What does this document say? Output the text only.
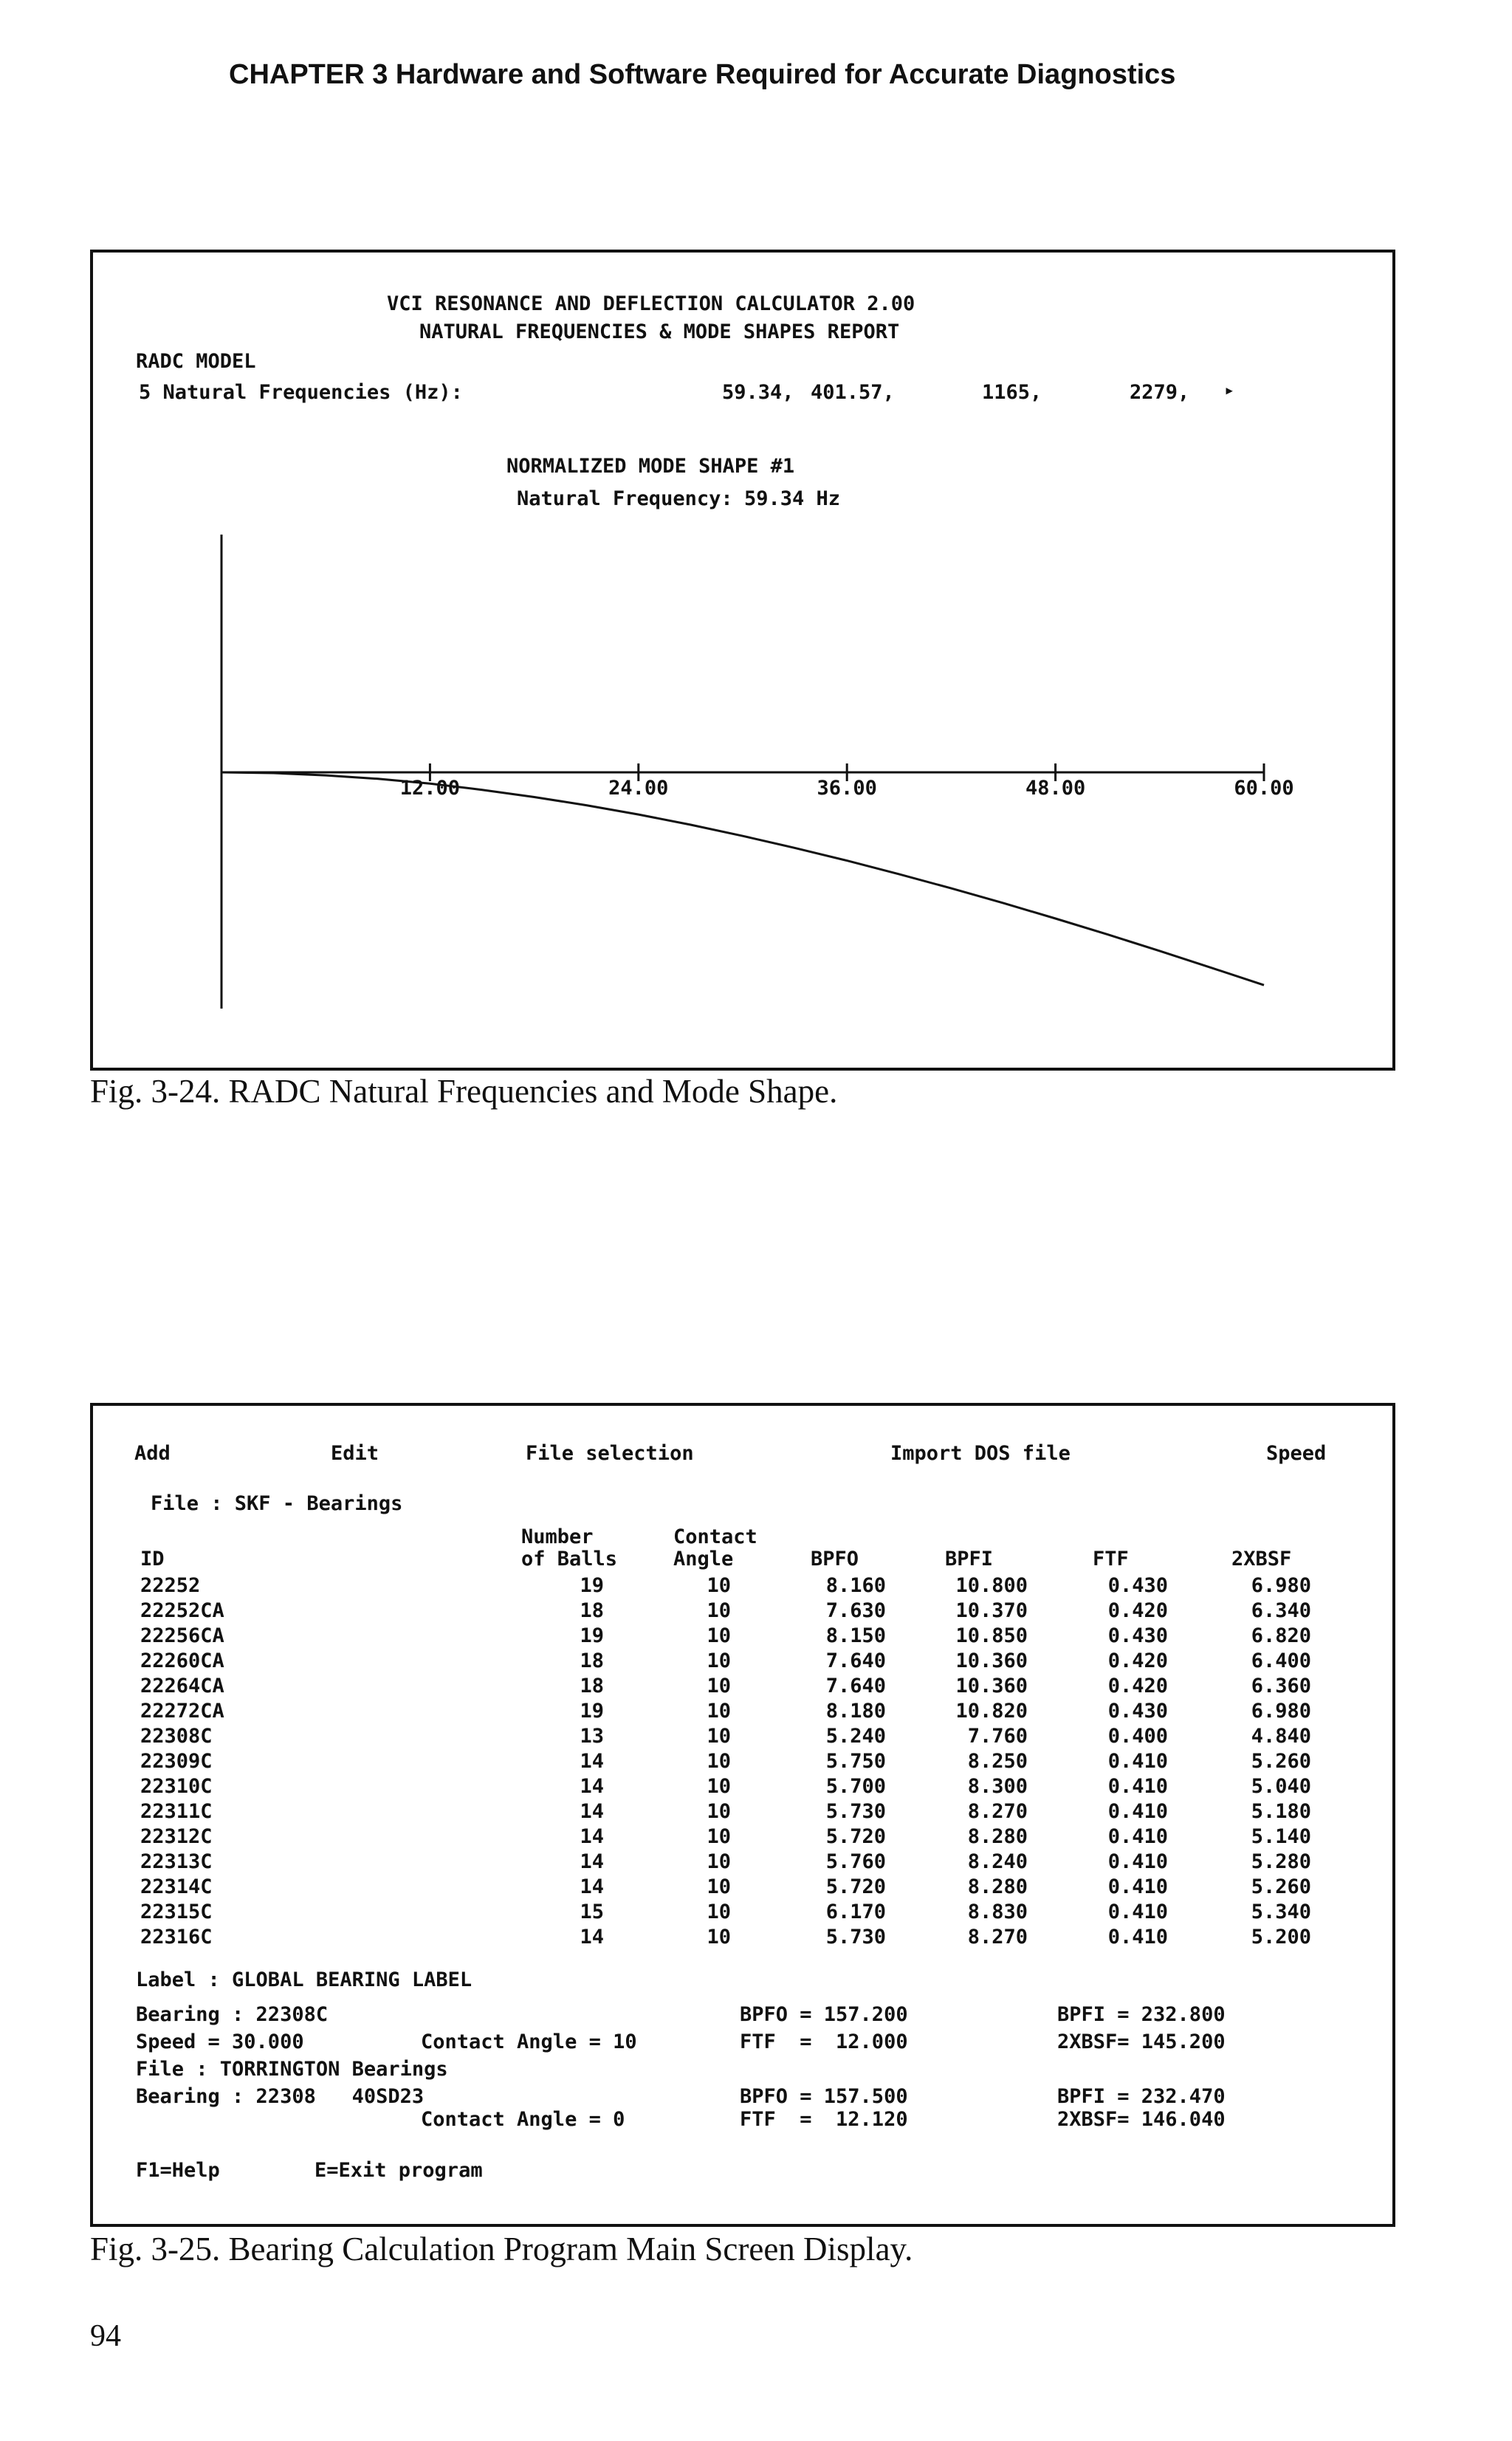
CHAPTER 3 Hardware and Software Required for Accurate Diagnostics
VCI RESONANCE AND DEFLECTION CALCULATOR 2.00
NATURAL FREQUENCIES & MODE SHAPES REPORT
RADC MODEL
5 Natural Frequencies (Hz):	59.34, 401.57,	1165,	2279, ▸
NORMALIZED MODE SHAPE #1
Natural Frequency: 59.34 Hz
12.00	24.00	36.00	48.00	60.00
Fig. 3-24. RADC Natural Frequencies and Mode Shape.
Add	Edit	File selection	Import DOS file	Speed
File : SKF - Bearings
Number	Contact
ID	of Balls	Angle	BPFO	BPFI	FTF	2XBSF
22252	19	10	8.160	10.800	0.430	6.980
22252CA	18	10	7.630	10.370	0.420	6.340
22256CA	19	10	8.150	10.850	0.430	6.820
22260CA	18	10	7.640	10.360	0.420	6.400
22264CA	18	10	7.640	10.360	0.420	6.360
22272CA	19	10	8.180	10.820	0.430	6.980
22308C	13	10	5.240	7.760	0.400	4.840
22309C	14	10	5.750	8.250	0.410	5.260
22310C	14	10	5.700	8.300	0.410	5.040
22311C	14	10	5.730	8.270	0.410	5.180
22312C	14	10	5.720	8.280	0.410	5.140
22313C	14	10	5.760	8.240	0.410	5.280
22314C	14	10	5.720	8.280	0.410	5.260
22315C	15	10	6.170	8.830	0.410	5.340
22316C	14	10	5.730	8.270	0.410	5.200
Label : GLOBAL BEARING LABEL
Bearing : 22308C	BPFO = 157.200	BPFI = 232.800
Speed = 30.000	Contact Angle = 10	FTF  =  12.000	2XBSF= 145.200
File : TORRINGTON Bearings
Bearing : 22308   40SD23	BPFO = 157.500	BPFI = 232.470
Contact Angle = 0	FTF  =  12.120	2XBSF= 146.040
F1=Help	E=Exit program
Fig. 3-25. Bearing Calculation Program Main Screen Display.
94
